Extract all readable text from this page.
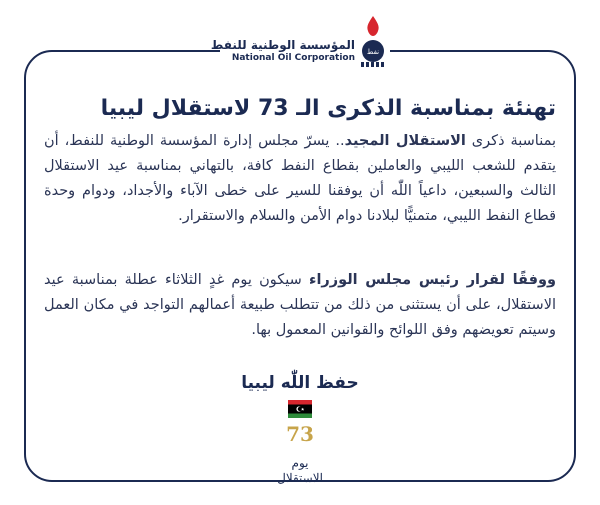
المؤسسة الوطنية للنفط
National Oil Corporation
نفط
تهنئة بمناسبة الذكرى الـ 73 لاستقلال ليبيا
بمناسبة ذكرى الاستقلال المجيد.. يسرّ مجلس إدارة المؤسسة الوطنية للنفط، أن يتقدم للشعب الليبي والعاملين بقطاع النفط كافة، بالتهاني بمناسبة عيد الاستقلال الثالث والسبعين، داعياً اللّٰه أن يوفقنا للسير على خطى الآباء والأجداد، ودوام وحدة قطاع النفط الليبي، متمنيًّا لبلادنا دوام الأمن والسلام والاستقرار.
ووفقًا لقرار رئيس مجلس الوزراء سيكون يوم غدٍ الثلاثاء عطلة بمناسبة عيد الاستقلال، على أن يستثنى من ذلك من تتطلب طبيعة أعمالهم التواجد في مكان العمل وسيتم تعويضهم وفق اللوائح والقوانين المعمول بها.
حفظ اللّٰه ليبيا
73
يوم
الاستقلال
